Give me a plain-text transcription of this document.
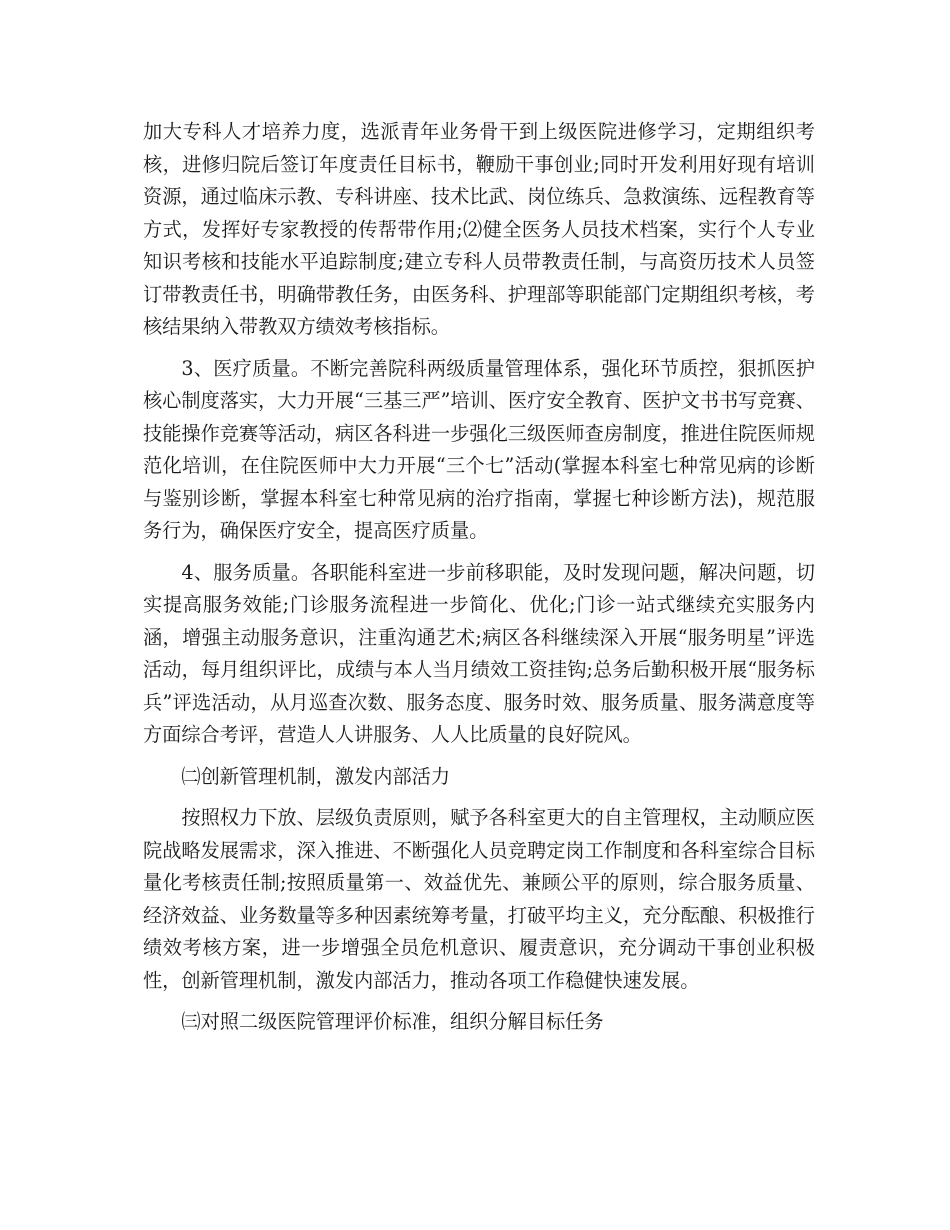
加大专科人才培养力度，选派青年业务骨干到上级医院进修学习，定期组织考核，进修归院后签订年度责任目标书，鞭励干事创业;同时开发利用好现有培训资源，通过临床示教、专科讲座、技术比武、岗位练兵、急救演练、远程教育等方式，发挥好专家教授的传帮带作用;⑵健全医务人员技术档案，实行个人专业知识考核和技能水平追踪制度;建立专科人员带教责任制，与高资历技术人员签订带教责任书，明确带教任务，由医务科、护理部等职能部门定期组织考核，考核结果纳入带教双方绩效考核指标。

3、医疗质量。不断完善院科两级质量管理体系，强化环节质控，狠抓医护核心制度落实，大力开展“三基三严”培训、医疗安全教育、医护文书书写竞赛、技能操作竞赛等活动，病区各科进一步强化三级医师查房制度，推进住院医师规范化培训，在住院医师中大力开展“三个七”活动(掌握本科室七种常见病的诊断与鉴别诊断，掌握本科室七种常见病的治疗指南，掌握七种诊断方法)，规范服务行为，确保医疗安全，提高医疗质量。

4、服务质量。各职能科室进一步前移职能，及时发现问题，解决问题，切实提高服务效能;门诊服务流程进一步简化、优化;门诊一站式继续充实服务内涵，增强主动服务意识，注重沟通艺术;病区各科继续深入开展“服务明星”评选活动，每月组织评比，成绩与本人当月绩效工资挂钩;总务后勤积极开展“服务标兵”评选活动，从月巡查次数、服务态度、服务时效、服务质量、服务满意度等方面综合考评，营造人人讲服务、人人比质量的良好院风。

㈡创新管理机制，激发内部活力

按照权力下放、层级负责原则，赋予各科室更大的自主管理权，主动顺应医院战略发展需求，深入推进、不断强化人员竞聘定岗工作制度和各科室综合目标量化考核责任制;按照质量第一、效益优先、兼顾公平的原则，综合服务质量、经济效益、业务数量等多种因素统筹考量，打破平均主义，充分酝酿、积极推行绩效考核方案，进一步增强全员危机意识、履责意识，充分调动干事创业积极性，创新管理机制，激发内部活力，推动各项工作稳健快速发展。

㈢对照二级医院管理评价标准，组织分解目标任务
